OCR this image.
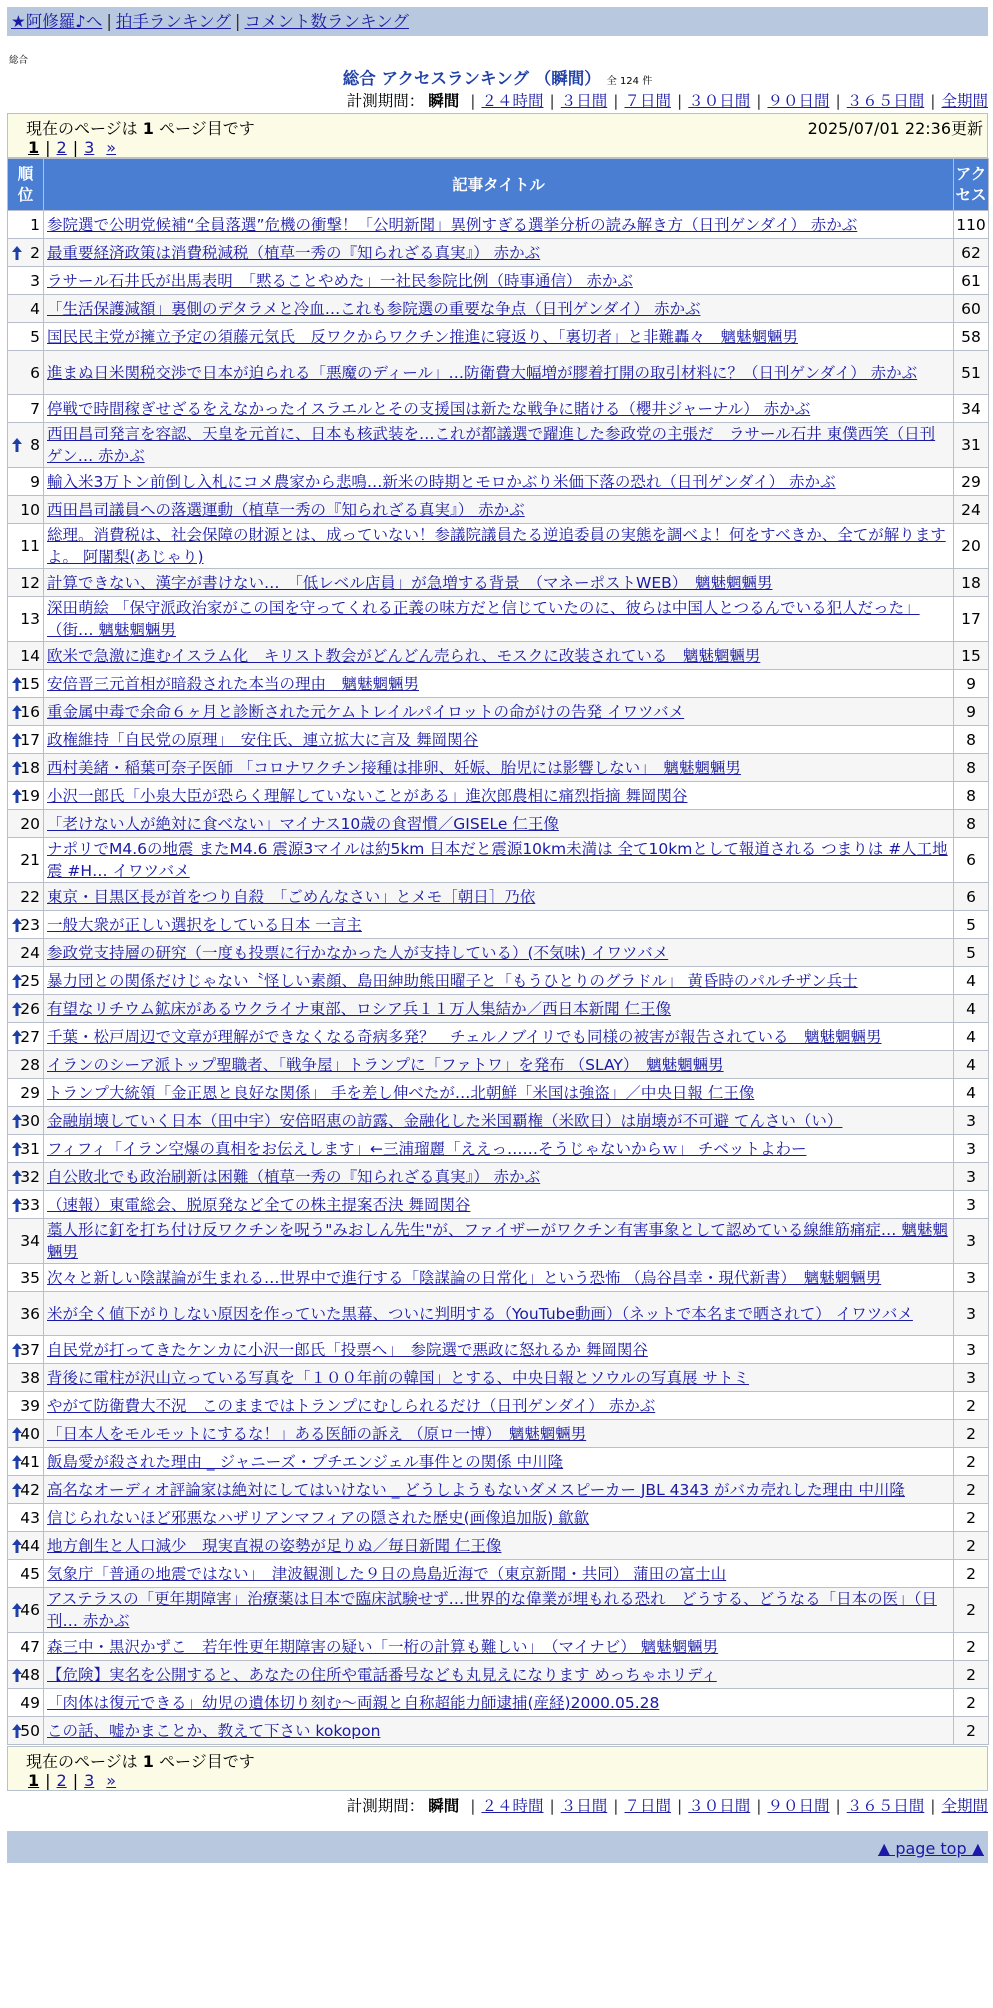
★阿修羅♪へ | 拍手ランキング | コメント数ランキング
総合
総合 アクセスランキング （瞬間） 全 124 件
計測期間： 瞬間 | ２４時間 | ３日間 | ７日間 | ３０日間 | ９０日間 | ３６５日間 | 全期間
現在のページは 1 ページ目です	2025/07/01 22:36更新
1 | 2 | 3 »
順位	記事タイトル	アクセス
1	参院選で公明党候補“全員落選”危機の衝撃！「公明新聞」異例すぎる選挙分析の読み解き方（日刊ゲンダイ） 赤かぶ	110

2	最重要経済政策は消費税減税（植草一秀の『知られざる真実』） 赤かぶ	62
3	ラサール石井氏が出馬表明　「黙ることやめた」一社民参院比例（時事通信） 赤かぶ	61
4	「生活保護減額」裏側のデタラメと冷血…これも参院選の重要な争点（日刊ゲンダイ） 赤かぶ	60
5	国民民主党が擁立予定の須藤元気氏　反ワクからワクチン推進に寝返り、「裏切者」と非難轟々　魑魅魍魎男	58
6	進まぬ日米関税交渉で日本が迫られる「悪魔のディール」…防衛費大幅増が膠着打開の取引材料に？（日刊ゲンダイ） 赤かぶ	51
7	停戦で時間稼ぎせざるをえなかったイスラエルとその支援国は新たな戦争に賭ける（櫻井ジャーナル） 赤かぶ	34

8	西田昌司発言を容認、天皇を元首に、日本も核武装を…これが都議選で躍進した参政党の主張だ　ラサール石井 東僕西笑（日刊ゲン… 赤かぶ	31
9	輸入米3万トン前倒し入札にコメ農家から悲鳴…新米の時期とモロかぶり米価下落の恐れ（日刊ゲンダイ） 赤かぶ	29
10	西田昌司議員への落選運動（植草一秀の『知られざる真実』） 赤かぶ	24
11	総理。消費税は、社会保障の財源とは、成っていない！参議院議員たる逆追委員の実態を調べよ！何をすべきか、全てが解りますよ。 阿闍梨(あじゃり)	20
12	計算できない、漢字が書けない…　「低レベル店員」が急増する背景　（マネーポストWEB）　魑魅魍魎男	18
13	深田萌絵 「保守派政治家がこの国を守ってくれる正義の味方だと信じていたのに、彼らは中国人とつるんでいる犯人だった」（街… 魑魅魍魎男	17
14	欧米で急激に進むイスラム化　キリスト教会がどんどん売られ、モスクに改装されている　魑魅魍魎男	15

15	安倍晋三元首相が暗殺された本当の理由　魑魅魍魎男	9

16	重金属中毒で余命６ヶ月と診断された元ケムトレイルパイロットの命がけの告発 イワツバメ	9

17	政権維持「自民党の原理」　安住氏、連立拡大に言及 舞岡関谷	8

18	西村美緒・稲葉可奈子医師 「コロナワクチン接種は排卵、妊娠、胎児には影響しない」　魑魅魍魎男	8

19	小沢一郎氏「小泉大臣が恐らく理解していないことがある」進次郎農相に痛烈指摘 舞岡関谷	8
20	「老けない人が絶対に食べない」マイナス10歳の食習慣／GISELe 仁王像	8
21	ナポリでM4.6の地震 またM4.6 震源3マイルは約5km 日本だと震源10km未満は 全て10kmとして報道される つまりは #人工地震 #H… イワツバメ	6
22	東京・目黒区長が首をつり自殺　「ごめんなさい」とメモ［朝日］乃依	6

23	一般大衆が正しい選択をしている日本 一言主	5
24	参政党支持層の研究（一度も投票に行かなかった人が支持している）(不気味) イワツバメ	5

25	暴力団との関係だけじゃない〝怪しい素顔、島田紳助熊田曜子と「もうひとりのグラドル」 黄昏時のパルチザン兵士	4

26	有望なリチウム鉱床があるウクライナ東部、ロシア兵１１万人集結か／西日本新聞 仁王像	4

27	千葉・松戸周辺で文章が理解ができなくなる奇病多発？　チェルノブイリでも同様の被害が報告されている　魑魅魍魎男	4
28	イランのシーア派トップ聖職者、「戦争屋」トランプに「ファトワ」を発布 （SLAY）　魑魅魍魎男	4
29	トランプ大統領「金正恩と良好な関係」 手を差し伸べたが…北朝鮮「米国は強盗」／中央日報 仁王像	4

30	金融崩壊していく日本（田中宇）安倍昭恵の訪露、金融化した米国覇権（米欧日）は崩壊が不可避 てんさい（い）	3

31	フィフィ「イラン空爆の真相をお伝えします」←三浦瑠麗「ええっ……そうじゃないからｗ」 チベットよわー	3

32	自公敗北でも政治刷新は困難（植草一秀の『知られざる真実』） 赤かぶ	3

33	（速報）東電総会、脱原発など全ての株主提案否決 舞岡関谷	3
34	藁人形に釘を打ち付け反ワクチンを呪う"みおしん先生"が、ファイザーがワクチン有害事象として認めている線維筋痛症… 魑魅魍魎男	3
35	次々と新しい陰謀論が生まれる…世界中で進行する「陰謀論の日常化」という恐怖 （烏谷昌幸・現代新書）　魑魅魍魎男	3
36	米が全く値下がりしない原因を作っていた黒幕、ついに判明する（YouTube動画）（ネットで本名まで晒されて） イワツバメ	3

37	自民党が打ってきたケンカに小沢一郎氏「投票へ」　参院選で悪政に怒れるか 舞岡関谷	3
38	背後に電柱が沢山立っている写真を「１００年前の韓国」とする、中央日報とソウルの写真展 サトミ	3
39	やがて防衛費大不況　このままではトランプにむしられるだけ（日刊ゲンダイ） 赤かぶ	2

40	「日本人をモルモットにするな！」ある医師の訴え （原ロ一博）　魑魅魍魎男	2

41	飯島愛が殺された理由 _ ジャニーズ・プチエンジェル事件との関係 中川隆	2

42	高名なオーディオ評論家は絶対にしてはいけない _ どうしようもないダメスピーカー JBL 4343 がバカ売れした理由 中川隆	2
43	信じられないほど邪悪なハザリアンマフィアの隠された歴史(画像追加版) 歙歙	2

44	地方創生と人口減少　現実直視の姿勢が足りぬ／毎日新聞 仁王像	2
45	気象庁「普通の地震ではない」　津波観測した９日の鳥島近海で（東京新聞・共同） 蒲田の富士山	2

46	アステラスの「更年期障害」治療薬は日本で臨床試験せず…世界的な偉業が埋もれる恐れ　どうする、どうなる「日本の医」（日刊… 赤かぶ	2
47	森三中・黒沢かずこ　若年性更年期障害の疑い「一桁の計算も難しい」　（マイナビ） 魑魅魍魎男	2

48	【危険】実名を公開すると、あなたの住所や電話番号なども丸見えになります めっちゃホリディ	2
49	「肉体は復元できる」幼児の遺体切り刻む～両親と自称超能力師逮捕(産経)2000.05.28	2

50	この話、嘘かまことか、教えて下さい kokopon	2
現在のページは 1 ページ目です
1 | 2 | 3 »
計測期間： 瞬間 | ２４時間 | ３日間 | ７日間 | ３０日間 | ９０日間 | ３６５日間 | 全期間
▲ page top ▲
